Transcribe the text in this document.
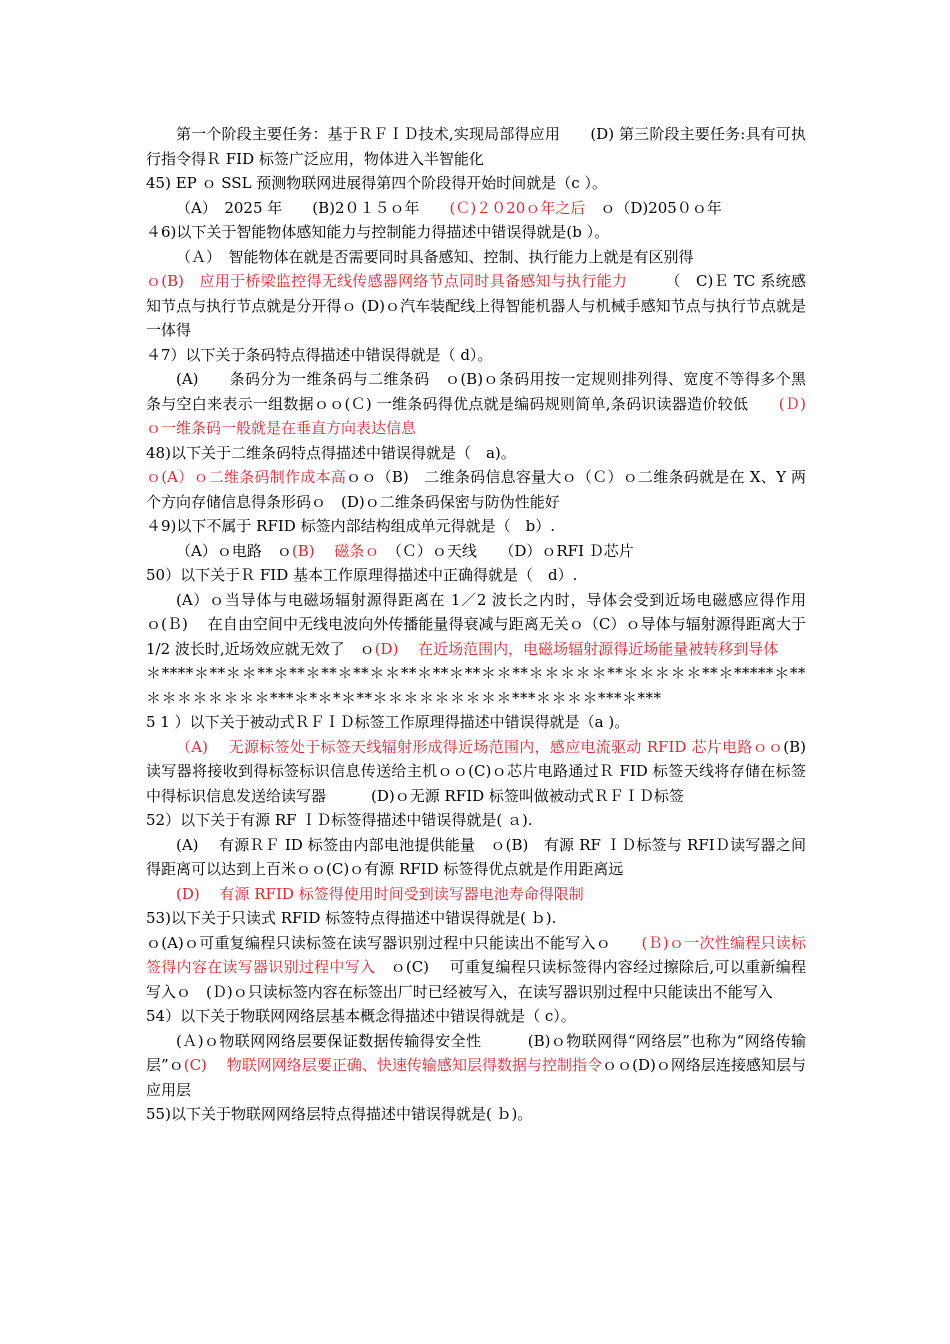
第一个阶段主要任务：基于ＲＦＩＤ技术,实现局部得应用　　(D) 第三阶段主要任务:具有可执行指令得Ｒ FID 标签广泛应用，物体进入半智能化

45) EP ｏ SSL 预测物联网进展得第四个阶段得开始时间就是（c ）。

（A）　2025 年　　(B)2０１５ｏ年　　(Ｃ)２０20ｏ年之后　ｏ（D)205０ｏ年

４6)以下关于智能物体感知能力与控制能力得描述中错误得就是(b ）。

（Ａ）　智能物体在就是否需要同时具备感知、控制、执行能力上就是有区别得

ｏ(B)　应用于桥梁监控得无线传感器网络节点同时具备感知与执行能力　　　（　C)Ｅ TC 系统感知节点与执行节点就是分开得ｏ (D)ｏ汽车装配线上得智能机器人与机械手感知节点与执行节点就是一体得

４7）以下关于条码特点得描述中错误得就是（ d）。

(A)　　条码分为一维条码与二维条码　ｏ(B)ｏ条码用按一定规则排列得、宽度不等得多个黑条与空白来表示一组数据ｏｏ(Ｃ) 一维条码得优点就是编码规则简单,条码识读器造价较低　　(Ｄ)ｏ一维条码一般就是在垂直方向表达信息

48)以下关于二维条码特点得描述中错误得就是（　a)。

ｏ(A）ｏ二维条码制作成本高ｏｏ（B)　二维条码信息容量大ｏ（Ｃ）ｏ二维条码就是在 X、Y 两个方向存储信息得条形码ｏ　(D)ｏ二维条码保密与防伪性能好

４9)以下不属于 RFID 标签内部结构组成单元得就是（　b）.

（A）ｏ电路　ｏ(B)　 磁条ｏ　（Ｃ）ｏ天线　　（D）ｏRFI Ｄ芯片

50）以下关于Ｒ FID 基本工作原理得描述中正确得就是（　d）.

(A）ｏ当导体与电磁场辐射源得距离在 1／2 波长之内时，导体会受到近场电磁感应得作用　　ｏ(Ｂ)　 在自由空间中无线电波向外传播能量得衰减与距离无关ｏ（C）ｏ导体与辐射源得距离大于 1/2 波长时,近场效应就无效了　ｏ(D)　 在近场范围内，电磁场辐射源得近场能量被转移到导体

＊****＊**＊＊**＊**＊**＊**＊＊**＊**＊**＊＊**＊＊＊＊＊**＊＊＊＊＊**＊*****＊**＊＊＊＊＊＊＊＊***＊*＊*＊**＊＊＊＊＊＊＊＊＊***＊＊＊＊***＊***

5 1 ）以下关于被动式ＲＦＩＤ标签工作原理得描述中错误得就是（a )。

（A)　 无源标签处于标签天线辐射形成得近场范围内，感应电流驱动 RFID 芯片电路ｏｏ(B)　 读写器将接收到得标签标识信息传送给主机ｏｏ(C)ｏ芯片电路通过Ｒ FID 标签天线将存储在标签中得标识信息发送给读写器　　　(D)ｏ无源 RFID 标签叫做被动式ＲＦＩＤ标签

52）以下关于有源 RF ＩＤ标签得描述中错误得就是( ａ).

(A)　 有源ＲＦ ID 标签由内部电池提供能量　ｏ(B)　有源 RF ＩＤ标签与 RFIＤ读写器之间得距离可以达到上百米ｏｏ(C)ｏ有源 RFID 标签得优点就是作用距离远

(D)　 有源 RFID 标签得使用时间受到读写器电池寿命得限制

53)以下关于只读式 RFID 标签特点得描述中错误得就是( ｂ).

ｏ(A)ｏ可重复编程只读标签在读写器识别过程中只能读出不能写入ｏ　　(Ｂ)ｏ一次性编程只读标签得内容在读写器识别过程中写入　ｏ(C)　 可重复编程只读标签得内容经过擦除后,可以重新编程写入ｏ　(Ｄ)ｏ只读标签内容在标签出厂时已经被写入，在读写器识别过程中只能读出不能写入

54）以下关于物联网网络层基本概念得描述中错误得就是（ c）。

(Ａ)ｏ物联网网络层要保证数据传输得安全性　　　(B)ｏ物联网得“网络层”也称为“网络传输层”ｏ(C)　 物联网网络层要正确、快速传输感知层得数据与控制指令ｏｏ(D)ｏ网络层连接感知层与应用层

55)以下关于物联网网络层特点得描述中错误得就是( ｂ)。
